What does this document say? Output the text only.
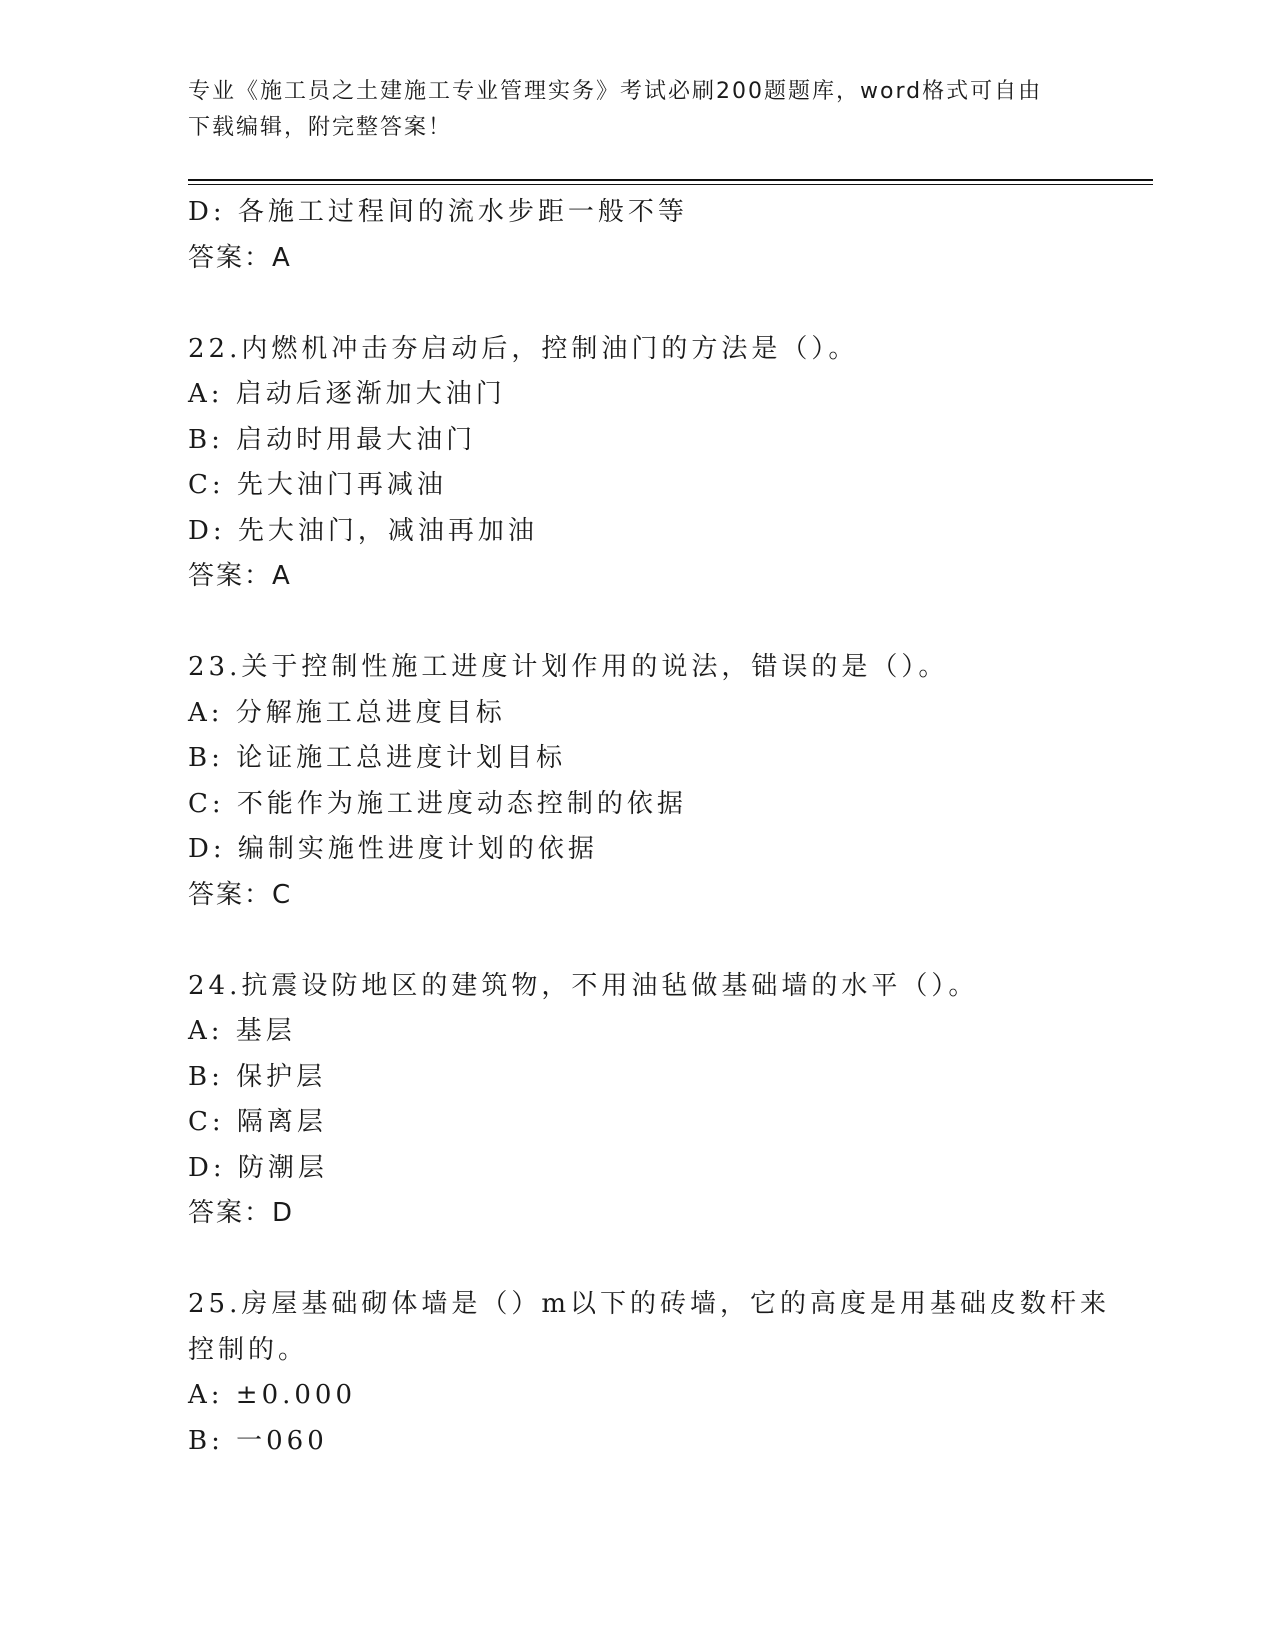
专业《施工员之土建施工专业管理实务》考试必刷200题题库，word格式可自由
下载编辑，附完整答案！
D: 各施工过程间的流水步距一般不等
答案：A
22.内燃机冲击夯启动后，控制油门的方法是（）。
A: 启动后逐渐加大油门
B: 启动时用最大油门
C: 先大油门再减油
D: 先大油门，减油再加油
答案：A
23.关于控制性施工进度计划作用的说法，错误的是（）。
A: 分解施工总进度目标
B: 论证施工总进度计划目标
C: 不能作为施工进度动态控制的依据
D: 编制实施性进度计划的依据
答案：C
24.抗震设防地区的建筑物，不用油毡做基础墙的水平（）。
A: 基层
B: 保护层
C: 隔离层
D: 防潮层
答案：D
25.房屋基础砌体墙是（）m以下的砖墙，它的高度是用基础皮数杆来
控制的。
A: ±0.000
B: 一060
